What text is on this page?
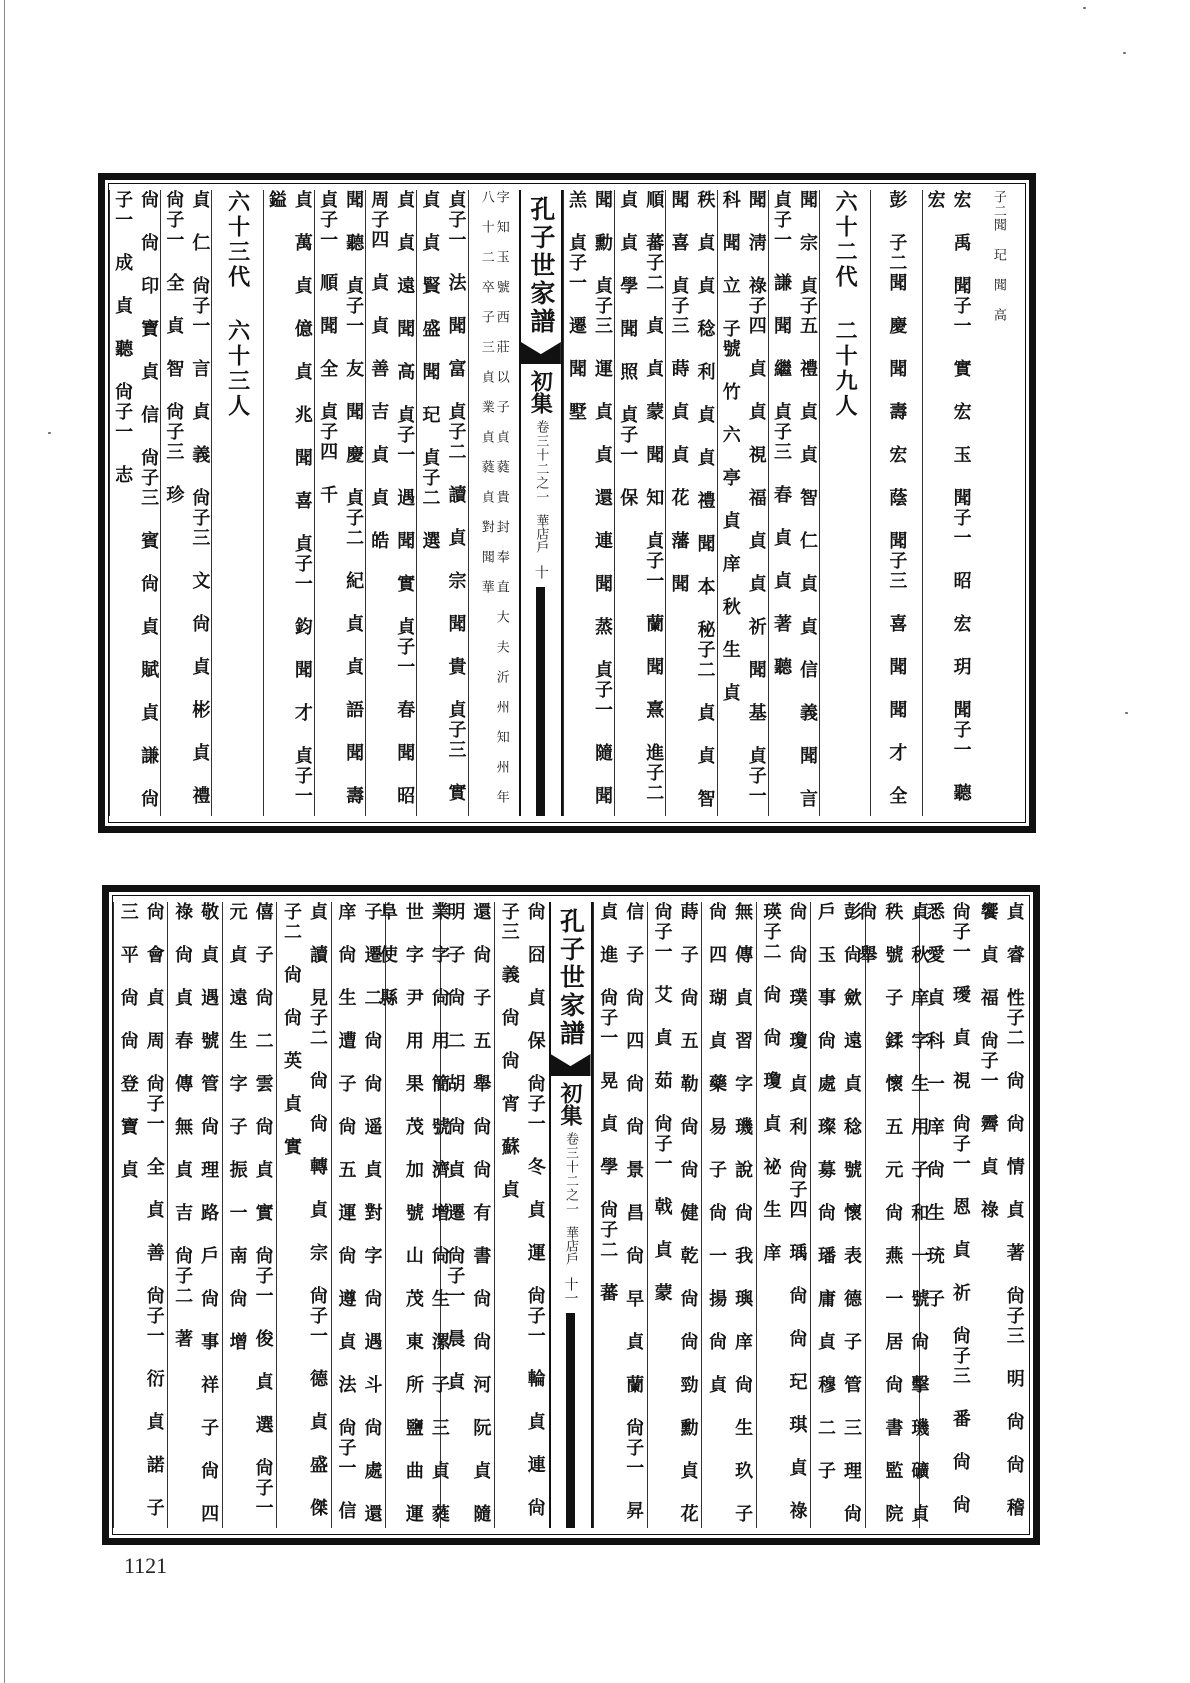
子二聞 玘 聞 高
宏 禹 聞子一 實 宏 玉 聞子一 昭 宏 玥 聞子一 聽 宏
彭 子二聞 慶 聞 壽 宏 蔭 聞子三 喜 聞 聞 才 全
六十二代 二十九人
聞 宗 貞子五 禮 貞 貞 智 仁 貞 貞 信 義 聞 言 貞子一 謙 聞 繼 貞子三 春 貞 貞 著 聽
聞 淸 祿子四 貞 貞 視 福 貞 貞 祈 聞 基 貞子一 科 聞 立 子號 竹 六 亭 貞 庠 秋 生 貞
秩 貞 貞 稔 利 貞 貞 禮 聞 本 秘子二 貞 貞 智 聞 喜 貞子三 蒔 貞 貞 花 藩 聞
順 蕃子二 貞 貞 蒙 聞 知 貞子一 蘭 聞 熹 進子二 貞 貞 學 聞 照 貞子一 保
聞 勳 貞子三 運 貞 貞 還 連 聞 蒸 貞子一 隨 聞 羔 貞子一 遷 聞 墅
孔子世家譜
初集
卷三十二之一
華店戶
十
字 知 玉 號 西 莊 以 子 貞 蕤 貴 封 奉 直 大 夫 沂 州 知 州 年 八 十 二 卒 子 三 貞 業 貞 蕤 貞 對 聞 華
貞子一 法 聞 富 貞子二 讀 貞 宗 聞 貴 貞子三 實 貞 貞 賢 盛 聞 玘 貞子二 選
貞 貞 遠 聞 高 貞子一 遇 聞 實 貞子一 春 聞 昭 周子四 貞 貞 善 吉 貞 貞 皓
聞 聽 貞子一 友 聞 慶 貞子二 紀 貞 貞 語 聞 壽 貞子一 順 聞 全 貞子四 千
貞 萬 貞 億 貞 兆 聞 喜 貞子一 鈞 聞 才 貞子一 鎰
六十三代 六十三人
貞 仁 尙子一 言 貞 義 尙子三 文 尙 貞 彬 貞 禮 尙子一 全 貞 智 尙子三 珍
尙 尙 印 寶 貞 信 尙子三 賓 尙 貞 賦 貞 謙 尙子一 成 貞 聽 尙子一 志
貞 睿 性子二 尙 尙 情 貞 著 尙子三 明 尙 尙 稽 饗 貞 福 尙子一 霽 貞 祿
尙子一 璦 貞 視 尙子一 恩 貞 祈 尙子三 番 尙 尙 悉 愛 貞 科 一 庠 尙 生 珫 子
貞 秋 庠 字 生 用 子 和 一 號 尙 擊 璣 礦 貞 秩 號 子 鍒 懷 五 元 尙 燕 一 居 尙 書 監 院 尙 舉
彭 尙 歛 遠 貞 稔 號 懷 表 德 子 管 三 理 尙 戶 玉 事 尙 處 璨 募 尙 璠 庸 貞 穆 二 子
尙 尙 璞 瓊 貞 利 尙子四 瑀 尙 尙 玘 琪 貞 祿 瑛子二 尙 尙 瓊 貞 祕 生 庠
無 傳 貞 習 字 璣 說 尙 我 璵 庠 尙 生 玖 子 尙 四 瑚 貞 藥 易 子 尙 一 揚 尙 貞
蒔 子 尙 五 勒 尙 尙 健 乾 尙 尙 勁 勳 貞 花 尙子一 艾 貞 茹 尙子一 戟 貞 蒙
信 子 尙 四 尙 尙 景 昌 尙 早 貞 蘭 尙子一 昇 貞 進 尙子一 晃 貞 學 尙子二 蕃
孔子世家譜
初集
卷三十二之一
華店戶
十一
尙 囧 貞 保 尙子一 冬 貞 運 尙子一 輪 貞 連 尙子三 義 尙 尙 宵 蘇 貞
還 尙 子 五 舉 尙 尙 有 書 尙 尙 河 阮 貞 隨 明 子 尙 二 胡 尙 貞 遷 尙子一 晨 貞
業 字 尙 用 簡 號 濟 增 尙 生 漯 子 三 貞 蕤 世 字 尹 用 果 茂 加 號 山 茂 東 所 鹽 曲 運 阜 使 縣
子 遷 二 尙 尙 遥 貞 對 字 尙 遇 斗 尙 處 還 庠 尙 生 遭 子 尙 五 運 尙 遵 貞 法 尙子一 信
貞 讀 見子二 尙 尙 轉 貞 宗 尙子一 德 貞 盛 傑子二 尙 尙 英 貞 實
僖 子 尙 二 雲 尙 貞 實 尙子一 俊 貞 選 尙子一 元 貞 遠 生 字 子 振 一 南 尙 增
敬 貞 遇 號 管 尙 理 路 戶 尙 事 祥 子 尙 四 祿 尙 貞 春 傳 無 貞 吉 尙子二 著
尙 會 貞 周 尙子一 全 貞 善 尙子一 衍 貞 諾 子三 平 尙 尙 登 寶 貞
1121
